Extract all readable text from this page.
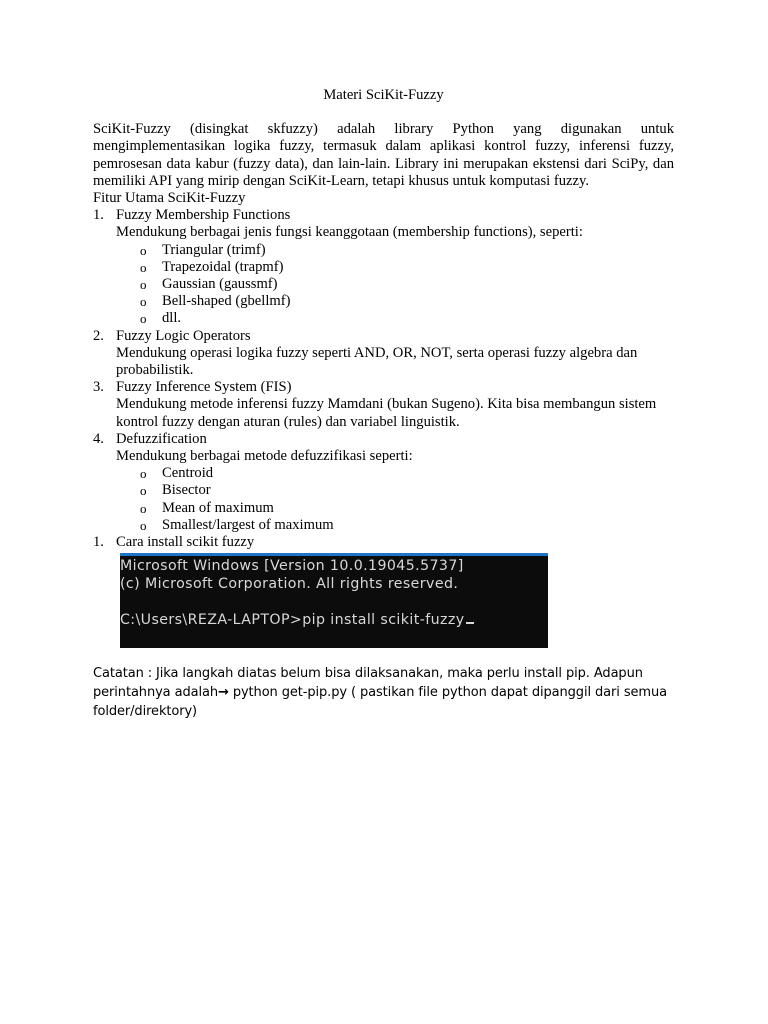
Materi SciKit-Fuzzy

SciKit-Fuzzy (disingkat skfuzzy) adalah library Python yang digunakan untuk mengimplementasikan logika fuzzy, termasuk dalam aplikasi kontrol fuzzy, inferensi fuzzy, pemrosesan data kabur (fuzzy data), dan lain-lain. Library ini merupakan ekstensi dari SciPy, dan memiliki API yang mirip dengan SciKit-Learn, tetapi khusus untuk komputasi fuzzy.

Fitur Utama SciKit-Fuzzy

1. Fuzzy Membership Functions

Mendukung berbagai jenis fungsi keanggotaan (membership functions), seperti:

o Triangular (trimf)
o Trapezoidal (trapmf)
o Gaussian (gaussmf)
o Bell-shaped (gbellmf)
o dll.
2. Fuzzy Logic Operators

Mendukung operasi logika fuzzy seperti AND, OR, NOT, serta operasi fuzzy algebra dan probabilistik.

3. Fuzzy Inference System (FIS)

Mendukung metode inferensi fuzzy Mamdani (bukan Sugeno). Kita bisa membangun sistem kontrol fuzzy dengan aturan (rules) dan variabel linguistik.

4. Defuzzification

Mendukung berbagai metode defuzzifikasi seperti:

o Centroid
o Bisector
o Mean of maximum
o Smallest/largest of maximum
1. Cara install scikit fuzzy
Microsoft Windows [Version 10.0.19045.5737]
(c) Microsoft Corporation. All rights reserved.
C:\Users\REZA-LAPTOP>pip install scikit-fuzzy

Catatan : Jika langkah diatas belum bisa dilaksanakan, maka perlu install pip. Adapun perintahnya adalah→ python get-pip.py ( pastikan file python dapat dipanggil dari semua folder/direktory)
